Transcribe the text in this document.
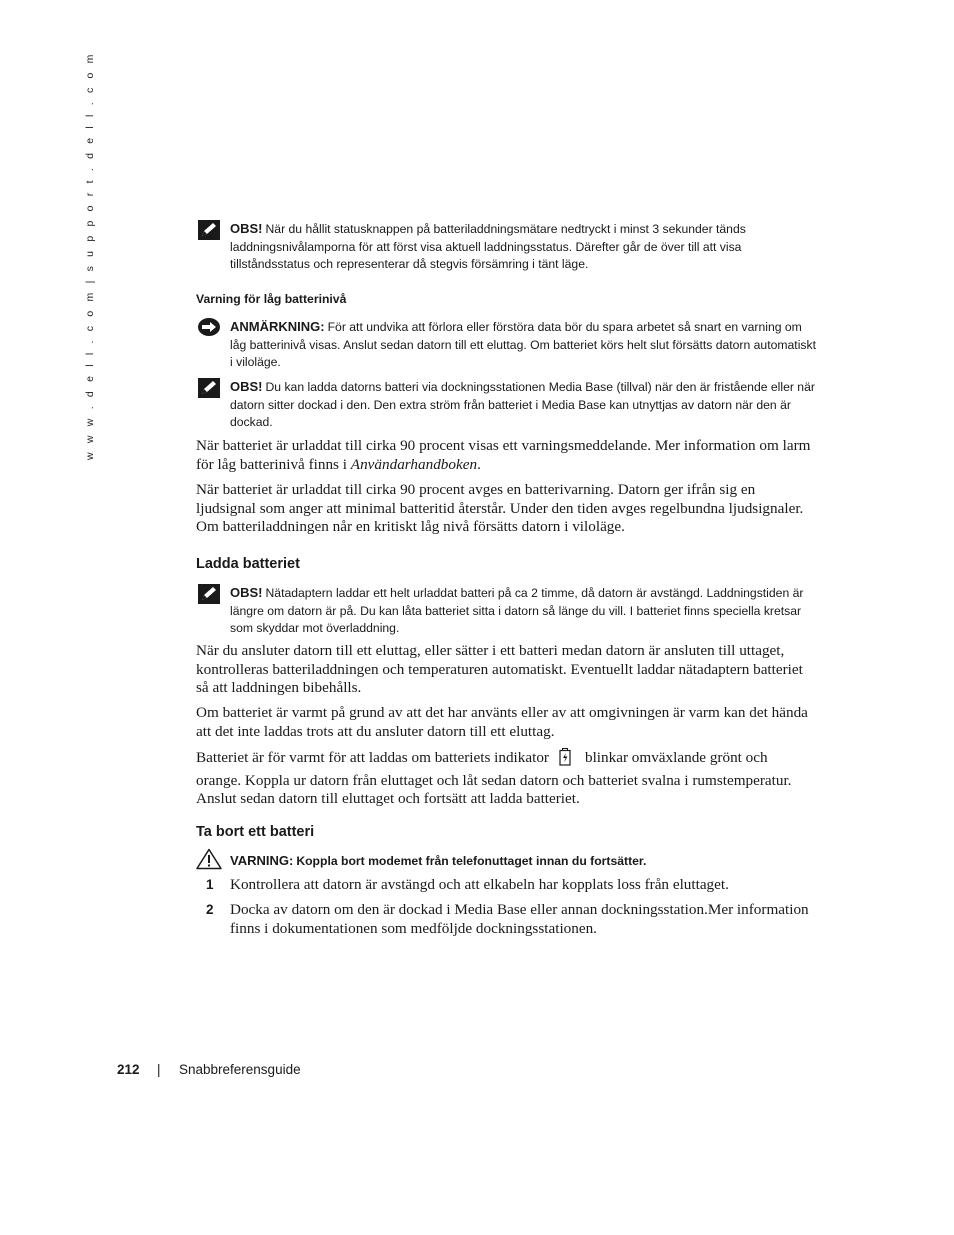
w w w . d e l l . c o m | s u p p o r t . d e l l . c o m	OBS! När du hållit statusknappen på batteriladdningsmätare nedtryckt i minst 3 sekunder tänds laddningsnivålamporna för att först visa aktuell laddningsstatus. Därefter går de över till att visa tillståndsstatus och representerar då stegvis försämring i tänt läge.
Varning för låg batterinivå
ANMÄRKNING: För att undvika att förlora eller förstöra data bör du spara arbetet så snart en varning om låg batterinivå visas. Anslut sedan datorn till ett eluttag. Om batteriet körs helt slut försätts datorn automatiskt i viloläge.
OBS! Du kan ladda datorns batteri via dockningsstationen Media Base (tillval) när den är fristående eller när datorn sitter dockad i den. Den extra ström från batteriet i Media Base kan utnyttjas av datorn när den är dockad.
När batteriet är urladdat till cirka 90 procent visas ett varningsmeddelande. Mer information om larm för låg batterinivå finns i Användarhandboken.
När batteriet är urladdat till cirka 90 procent avges en batterivarning. Datorn ger ifrån sig en ljudsignal som anger att minimal batteritid återstår. Under den tiden avges regelbundna ljudsignaler. Om batteriladdningen når en kritiskt låg nivå försätts datorn i viloläge.
Ladda batteriet
OBS! Nätadaptern laddar ett helt urladdat batteri på ca 2 timme, då datorn är avstängd. Laddningstiden är längre om datorn är på. Du kan låta batteriet sitta i datorn så länge du vill. I batteriet finns speciella kretsar som skyddar mot överladdning.
När du ansluter datorn till ett eluttag, eller sätter i ett batteri medan datorn är ansluten till uttaget, kontrolleras batteriladdningen och temperaturen automatiskt. Eventuellt laddar nätadaptern batteriet så att laddningen bibehålls.
Om batteriet är varmt på grund av att det har använts eller av att omgivningen är varm kan det hända att det inte laddas trots att du ansluter datorn till ett eluttag.
Batteriet är för varmt för att laddas om batteriets indikator blinkar omväxlande grönt och orange. Koppla ur datorn från eluttaget och låt sedan datorn och batteriet svalna i rumstemperatur. Anslut sedan datorn till eluttaget och fortsätt att ladda batteriet.
Ta bort ett batteri
VARNING: Koppla bort modemet från telefonuttaget innan du fortsätter.
1 Kontrollera att datorn är avstängd och att elkabeln har kopplats loss från eluttaget.
2 Docka av datorn om den är dockad i Media Base eller annan dockningsstation.Mer information finns i dokumentationen som medföljde dockningsstationen.
212 | Snabbreferensguide
